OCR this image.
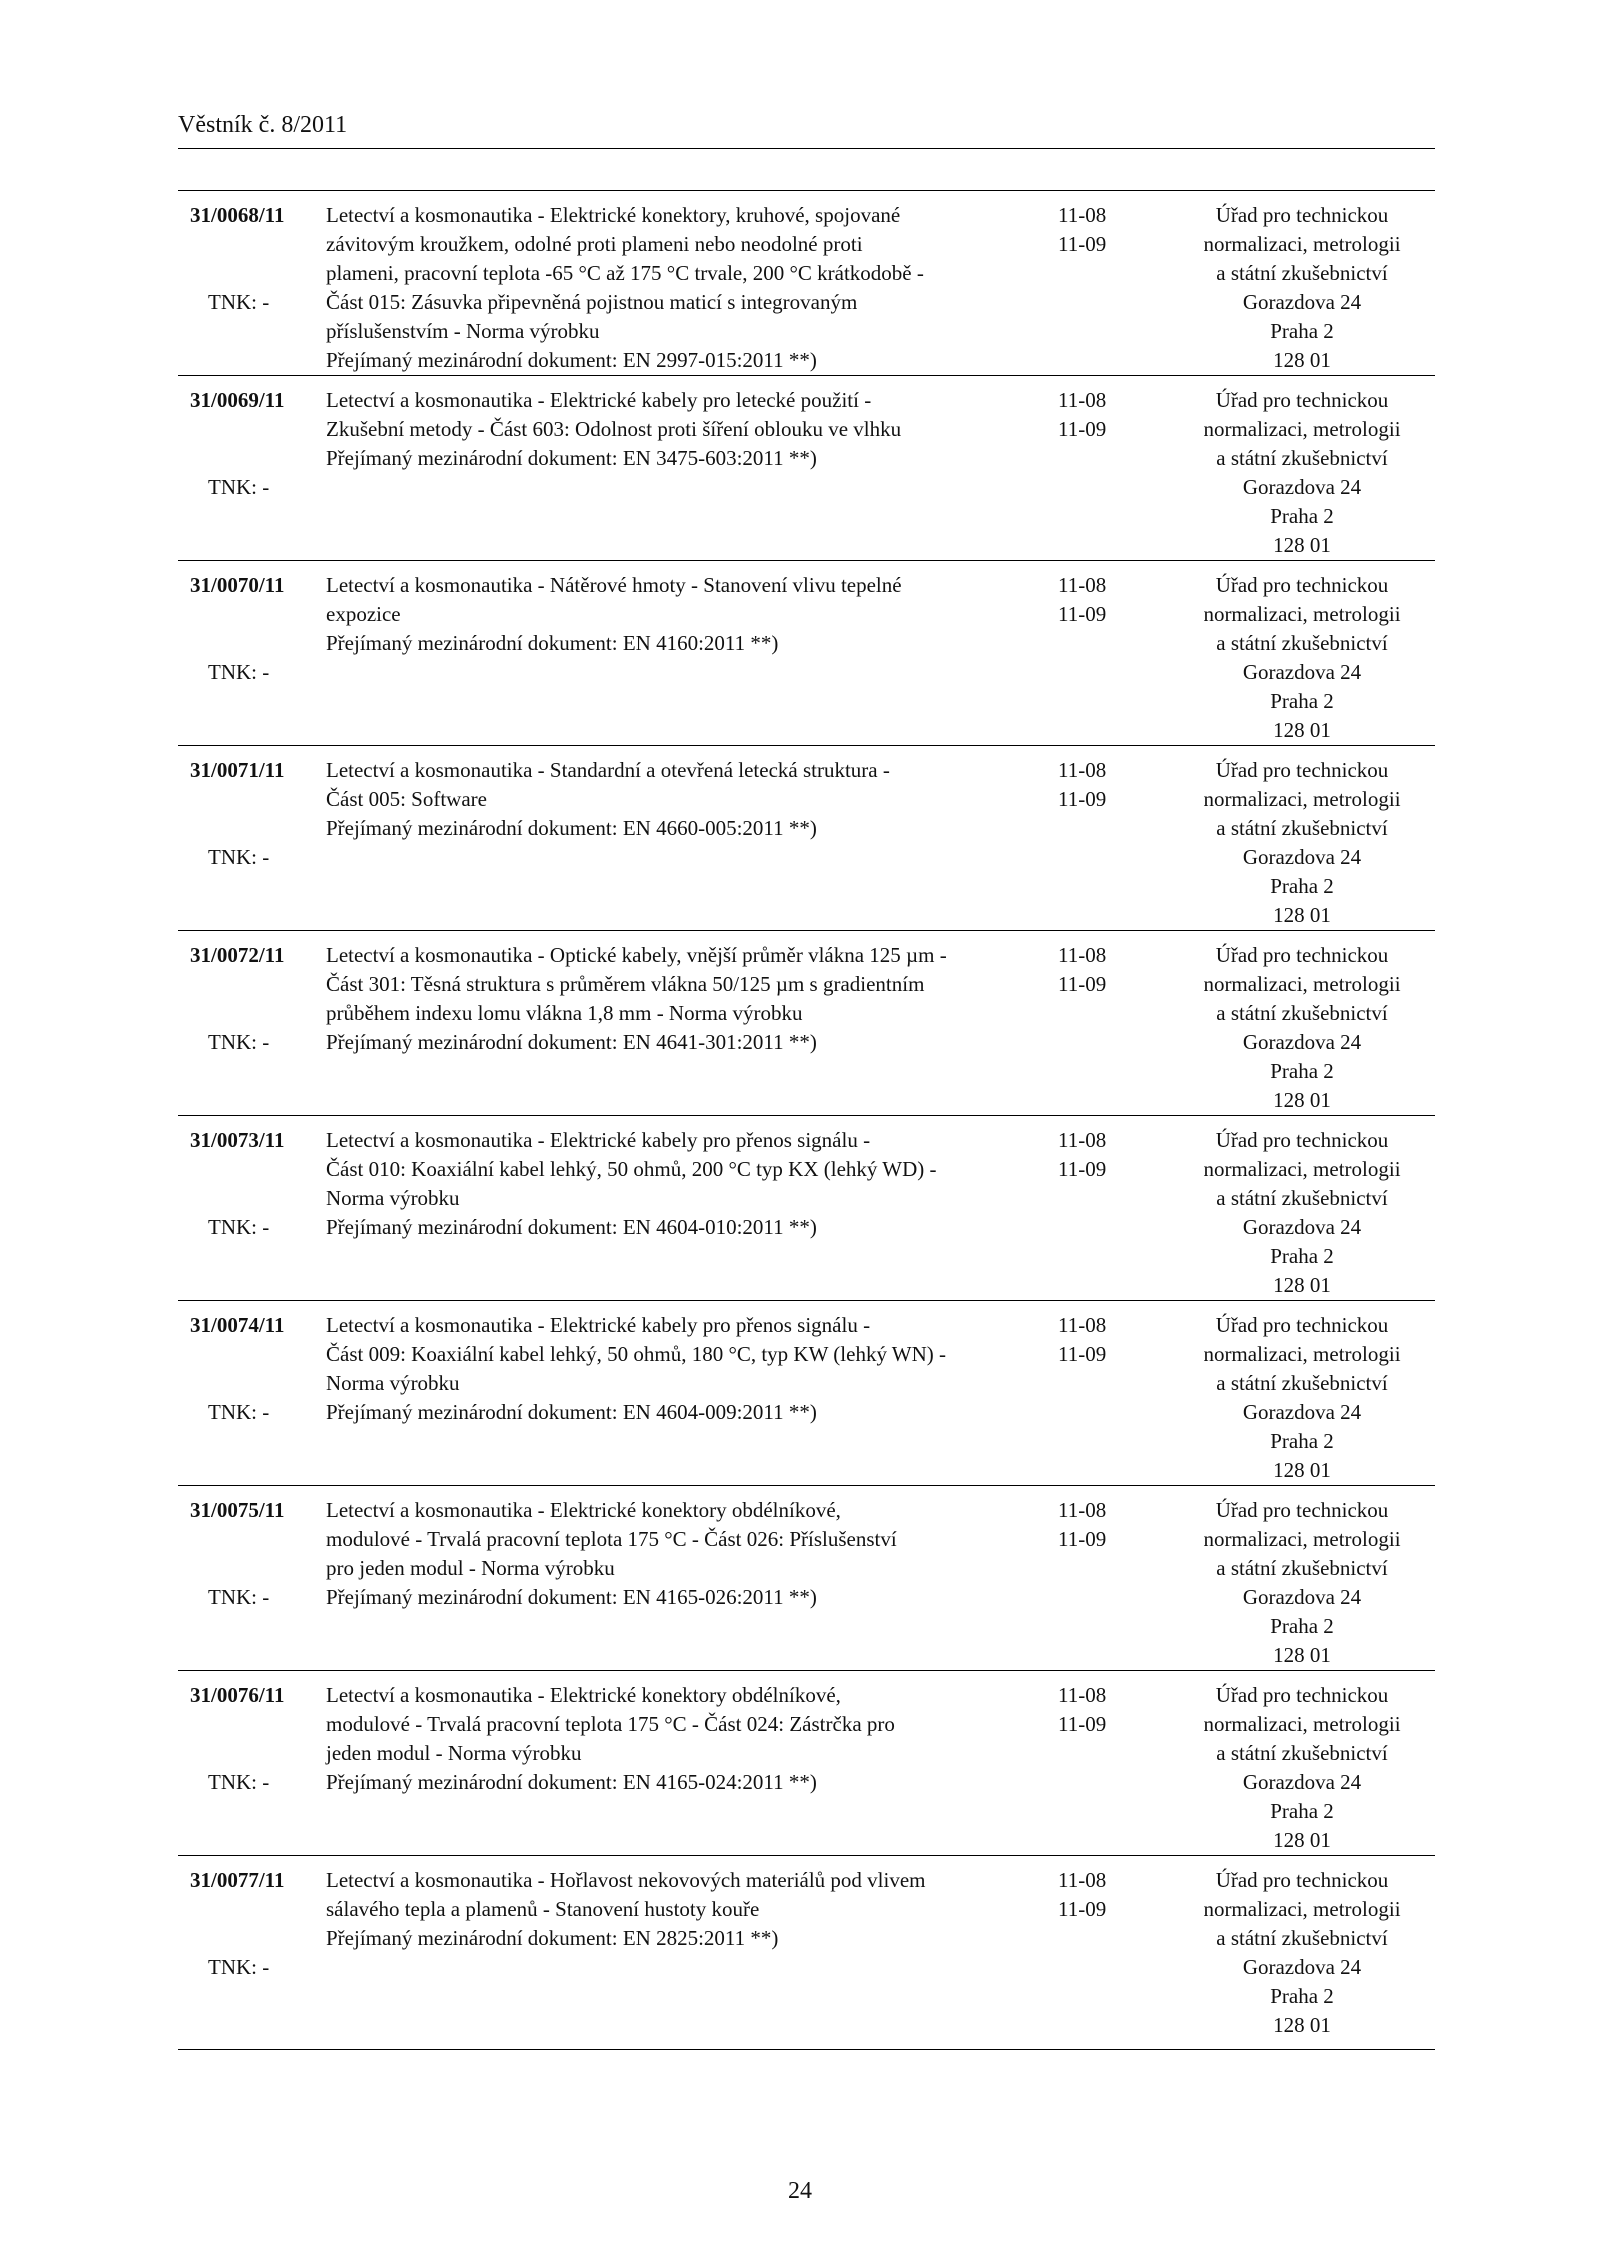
Věstník č. 8/2011
31/0068/11
TNK: -
Letectví a kosmonautika - Elektrické konektory, kruhové, spojované
závitovým kroužkem, odolné proti plameni nebo neodolné proti
plameni, pracovní teplota -65 °C až 175 °C trvale, 200 °C krátkodobě -
Část 015: Zásuvka připevněná pojistnou maticí s integrovaným
příslušenstvím - Norma výrobku
Přejímaný mezinárodní dokument: EN 2997-015:2011 **)
11-08
11-09
Úřad pro technickou
normalizaci, metrologii
a státní zkušebnictví
Gorazdova 24
Praha 2
128 01
31/0069/11
TNK: -
Letectví a kosmonautika - Elektrické kabely pro letecké použití -
Zkušební metody - Část 603: Odolnost proti šíření oblouku ve vlhku
Přejímaný mezinárodní dokument: EN 3475-603:2011 **)
11-08
11-09
Úřad pro technickou
normalizaci, metrologii
a státní zkušebnictví
Gorazdova 24
Praha 2
128 01
31/0070/11
TNK: -
Letectví a kosmonautika - Nátěrové hmoty - Stanovení vlivu tepelné
expozice
Přejímaný mezinárodní dokument: EN 4160:2011 **)
11-08
11-09
Úřad pro technickou
normalizaci, metrologii
a státní zkušebnictví
Gorazdova 24
Praha 2
128 01
31/0071/11
TNK: -
Letectví a kosmonautika - Standardní a otevřená letecká struktura -
Část 005: Software
Přejímaný mezinárodní dokument: EN 4660-005:2011 **)
11-08
11-09
Úřad pro technickou
normalizaci, metrologii
a státní zkušebnictví
Gorazdova 24
Praha 2
128 01
31/0072/11
TNK: -
Letectví a kosmonautika - Optické kabely, vnější průměr vlákna 125 µm -
Část 301: Těsná struktura s průměrem vlákna 50/125 µm s gradientním
průběhem indexu lomu vlákna 1,8 mm - Norma výrobku
Přejímaný mezinárodní dokument: EN 4641-301:2011 **)
11-08
11-09
Úřad pro technickou
normalizaci, metrologii
a státní zkušebnictví
Gorazdova 24
Praha 2
128 01
31/0073/11
TNK: -
Letectví a kosmonautika - Elektrické kabely pro přenos signálu -
Část 010: Koaxiální kabel lehký, 50 ohmů, 200 °C typ KX (lehký WD) -
Norma výrobku
Přejímaný mezinárodní dokument: EN 4604-010:2011 **)
11-08
11-09
Úřad pro technickou
normalizaci, metrologii
a státní zkušebnictví
Gorazdova 24
Praha 2
128 01
31/0074/11
TNK: -
Letectví a kosmonautika - Elektrické kabely pro přenos signálu -
Část 009: Koaxiální kabel lehký, 50 ohmů, 180 °C, typ KW (lehký WN) -
Norma výrobku
Přejímaný mezinárodní dokument: EN 4604-009:2011 **)
11-08
11-09
Úřad pro technickou
normalizaci, metrologii
a státní zkušebnictví
Gorazdova 24
Praha 2
128 01
31/0075/11
TNK: -
Letectví a kosmonautika - Elektrické konektory obdélníkové,
modulové - Trvalá pracovní teplota 175 °C - Část 026: Příslušenství
pro jeden modul - Norma výrobku
Přejímaný mezinárodní dokument: EN 4165-026:2011 **)
11-08
11-09
Úřad pro technickou
normalizaci, metrologii
a státní zkušebnictví
Gorazdova 24
Praha 2
128 01
31/0076/11
TNK: -
Letectví a kosmonautika - Elektrické konektory obdélníkové,
modulové - Trvalá pracovní teplota 175 °C - Část 024: Zástrčka pro
jeden modul - Norma výrobku
Přejímaný mezinárodní dokument: EN 4165-024:2011 **)
11-08
11-09
Úřad pro technickou
normalizaci, metrologii
a státní zkušebnictví
Gorazdova 24
Praha 2
128 01
31/0077/11
TNK: -
Letectví a kosmonautika - Hořlavost nekovových materiálů pod vlivem
sálavého tepla a plamenů - Stanovení hustoty kouře
Přejímaný mezinárodní dokument: EN 2825:2011 **)
11-08
11-09
Úřad pro technickou
normalizaci, metrologii
a státní zkušebnictví
Gorazdova 24
Praha 2
128 01
24
